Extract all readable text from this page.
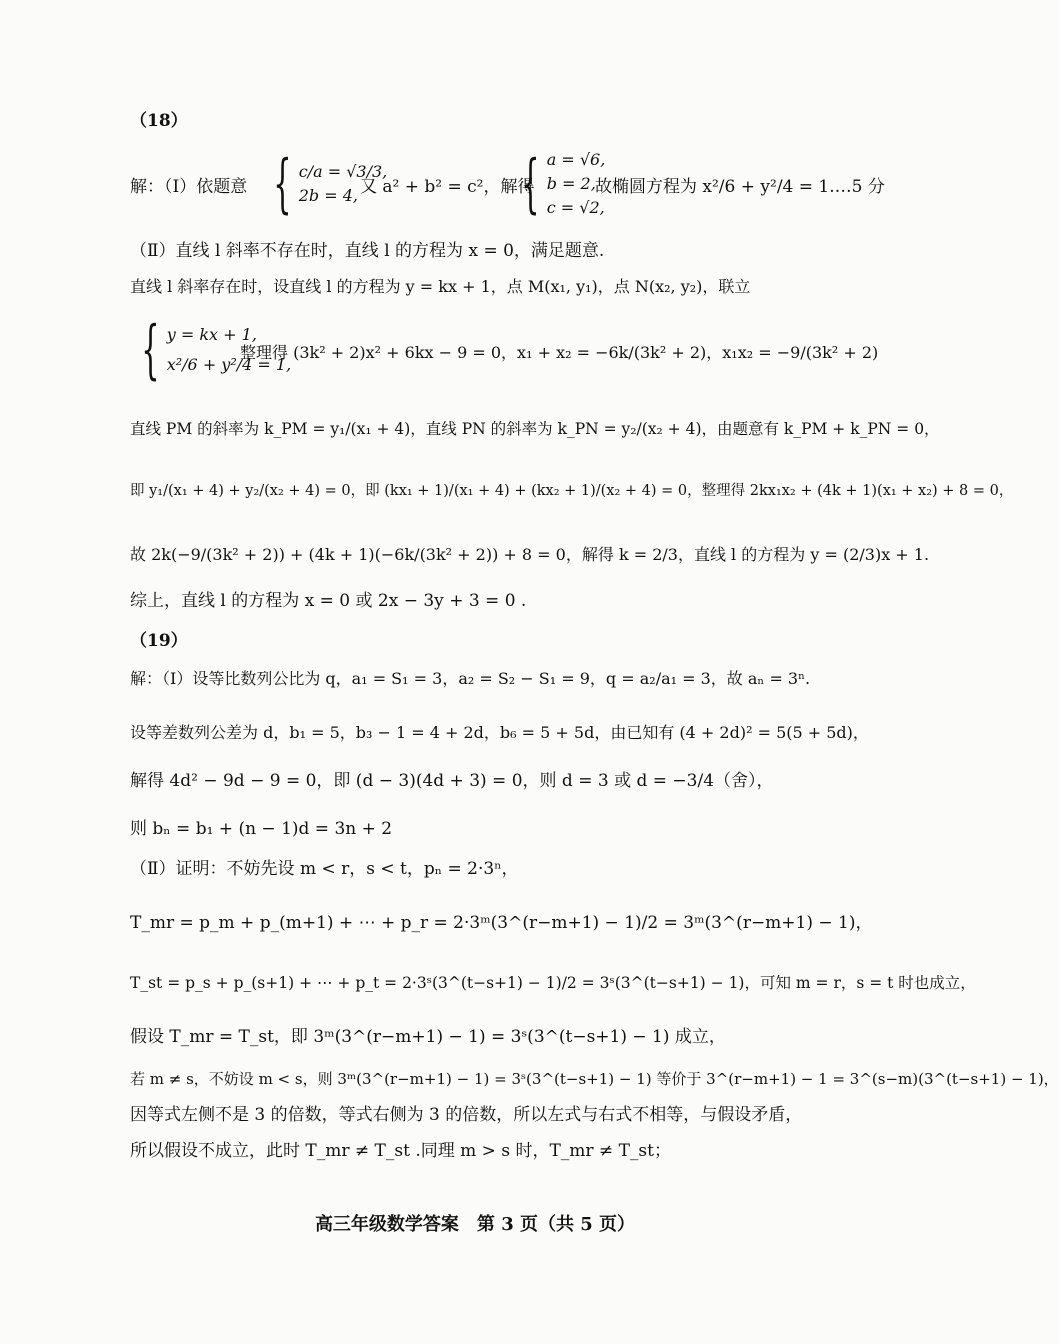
（18）
解：（Ⅰ）依题意 { c/a = √3/3,
2b = 4, 又 a² + b² = c²，解得
{ a = √6,
b = 2,
c = √2,
故椭圆方程为 x²/6 + y²/4 = 1.…5 分
（Ⅱ）直线 l 斜率不存在时，直线 l 的方程为 x = 0，满足题意.
直线 l 斜率存在时，设直线 l 的方程为 y = kx + 1，点 M(x₁, y₁)，点 N(x₂, y₂)，联立
{ y = kx + 1,
x²/6 + y²/4 = 1,
整理得 (3k² + 2)x² + 6kx − 9 = 0，x₁ + x₂ = −6k/(3k² + 2)，x₁x₂ = −9/(3k² + 2)
直线 PM 的斜率为 k_PM = y₁/(x₁ + 4)，直线 PN 的斜率为 k_PN = y₂/(x₂ + 4)，由题意有 k_PM + k_PN = 0，
即 y₁/(x₁ + 4) + y₂/(x₂ + 4) = 0，即 (kx₁ + 1)/(x₁ + 4) + (kx₂ + 1)/(x₂ + 4) = 0，整理得 2kx₁x₂ + (4k + 1)(x₁ + x₂) + 8 = 0，
故 2k(−9/(3k² + 2)) + (4k + 1)(−6k/(3k² + 2)) + 8 = 0，解得 k = 2/3，直线 l 的方程为 y = (2/3)x + 1.
综上，直线 l 的方程为 x = 0 或 2x − 3y + 3 = 0 .
（19）
解：（Ⅰ）设等比数列公比为 q，a₁ = S₁ = 3，a₂ = S₂ − S₁ = 9，q = a₂/a₁ = 3，故 aₙ = 3ⁿ.
设等差数列公差为 d，b₁ = 5，b₃ − 1 = 4 + 2d，b₆ = 5 + 5d，由已知有 (4 + 2d)² = 5(5 + 5d)，
解得 4d² − 9d − 9 = 0，即 (d − 3)(4d + 3) = 0，则 d = 3 或 d = −3/4（舍），
则 bₙ = b₁ + (n − 1)d = 3n + 2
（Ⅱ）证明：不妨先设 m < r，s < t，pₙ = 2·3ⁿ，
T_mr = p_m + p_(m+1) + ⋯ + p_r = 2·3ᵐ(3^(r−m+1) − 1)/2 = 3ᵐ(3^(r−m+1) − 1)，
T_st = p_s + p_(s+1) + ⋯ + p_t = 2·3ˢ(3^(t−s+1) − 1)/2 = 3ˢ(3^(t−s+1) − 1)，可知 m = r，s = t 时也成立，
假设 T_mr = T_st，即 3ᵐ(3^(r−m+1) − 1) = 3ˢ(3^(t−s+1) − 1) 成立，
若 m ≠ s，不妨设 m < s，则 3ᵐ(3^(r−m+1) − 1) = 3ˢ(3^(t−s+1) − 1) 等价于 3^(r−m+1) − 1 = 3^(s−m)(3^(t−s+1) − 1)，
因等式左侧不是 3 的倍数，等式右侧为 3 的倍数，所以左式与右式不相等，与假设矛盾，
所以假设不成立，此时 T_mr ≠ T_st .同理 m > s 时，T_mr ≠ T_st；
高三年级数学答案　第 3 页（共 5 页）
